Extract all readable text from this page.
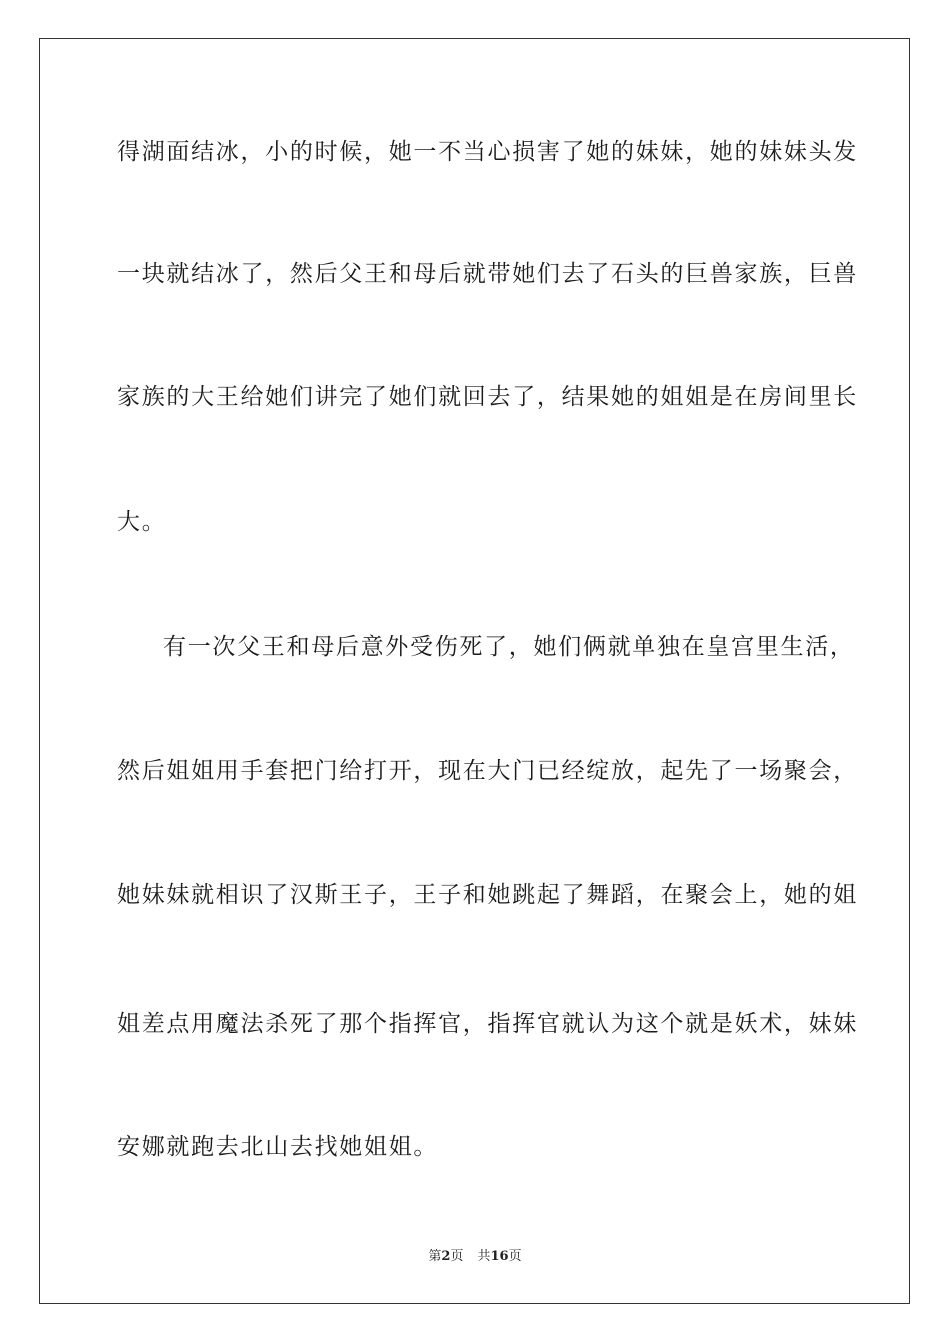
得湖面结冰，小的时候，她一不当心损害了她的妹妹，她的妹妹头发
一块就结冰了，然后父王和母后就带她们去了石头的巨兽家族，巨兽
家族的大王给她们讲完了她们就回去了，结果她的姐姐是在房间里长
大。
有一次父王和母后意外受伤死了，她们俩就单独在皇宫里生活，
然后姐姐用手套把门给打开，现在大门已经绽放，起先了一场聚会，
她妹妹就相识了汉斯王子，王子和她跳起了舞蹈，在聚会上，她的姐
姐差点用魔法杀死了那个指挥官，指挥官就认为这个就是妖术，妹妹
安娜就跑去北山去找她姐姐。
第2页 共16页
